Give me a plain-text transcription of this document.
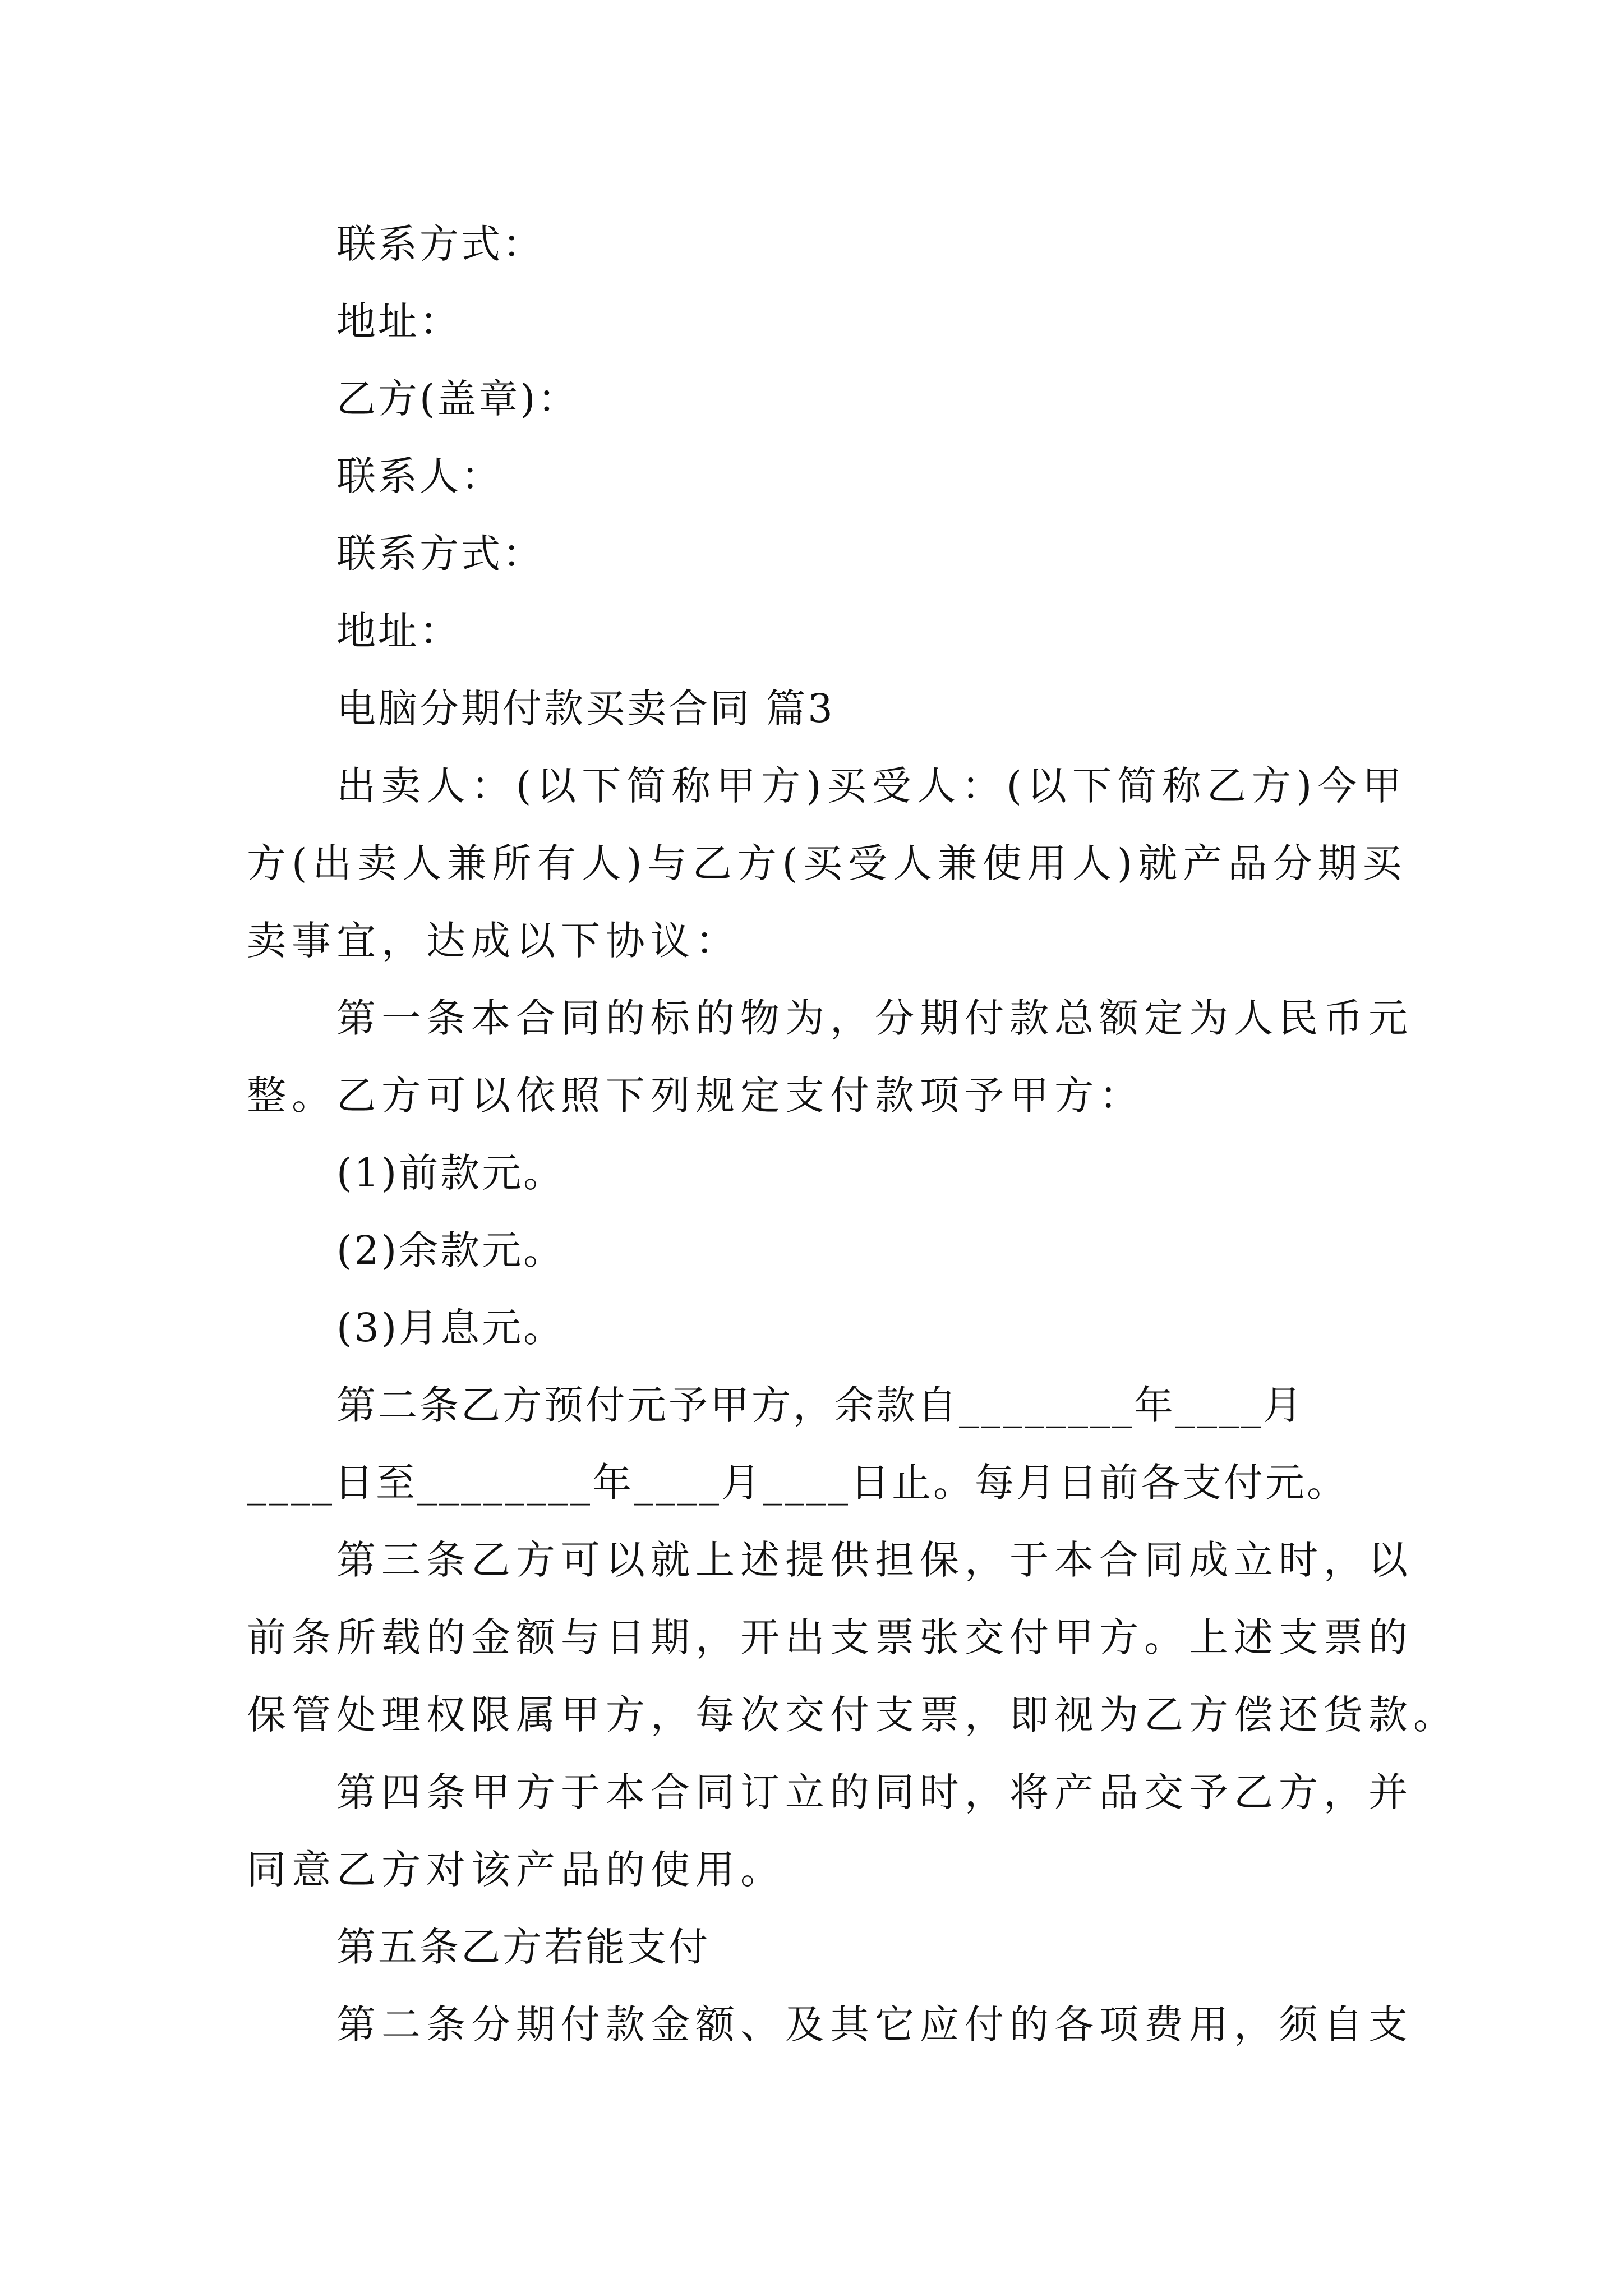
联系方式：
地址：
乙方(盖章)：
联系人：
联系方式：
地址：
电脑分期付款买卖合同 篇3
出卖人：(以下简称甲方)买受人：(以下简称乙方)今甲
方(出卖人兼所有人)与乙方(买受人兼使用人)就产品分期买
卖事宜，达成以下协议：
第一条本合同的标的物为，分期付款总额定为人民币元
整。乙方可以依照下列规定支付款项予甲方：
(1)前款元。
(2)余款元。
(3)月息元。
第二条乙方预付元予甲方，余款自________年____月
____日至________年____月____日止。每月日前各支付元。
第三条乙方可以就上述提供担保，于本合同成立时，以
前条所载的金额与日期，开出支票张交付甲方。上述支票的
保管处理权限属甲方，每次交付支票，即视为乙方偿还货款。
第四条甲方于本合同订立的同时，将产品交予乙方，并
同意乙方对该产品的使用。
第五条乙方若能支付
第二条分期付款金额、及其它应付的各项费用，须自支
